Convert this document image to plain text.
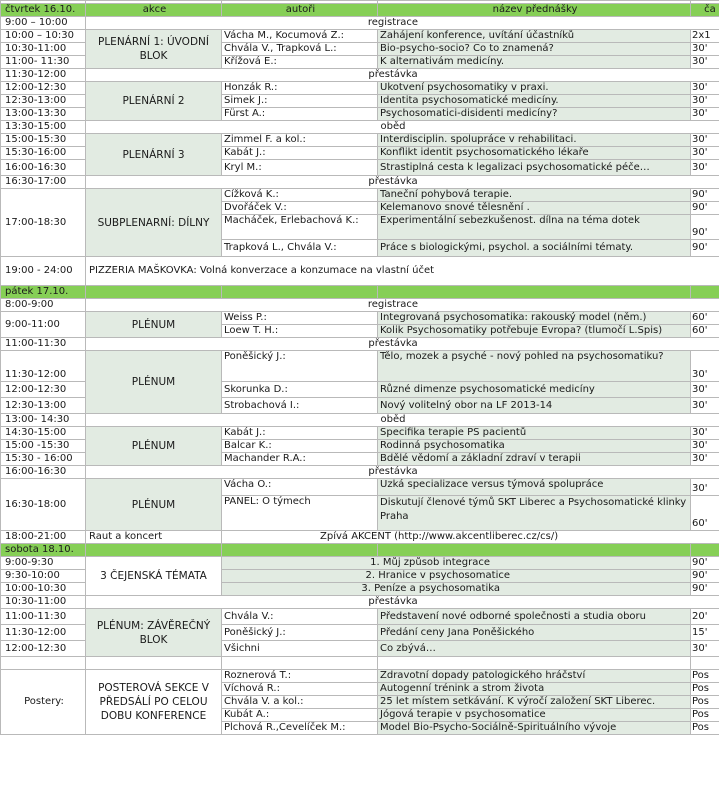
čtvrtek 16.10.	akce	autoři	název přednášky	ča
9:00 – 10:00	registrace			
10:00 – 10:30	PLENÁRNÍ 1: ÚVODNÍ BLOK	Vácha M., Kocumová Z.:	Zahájení konference, uvítání účastníků	2x1
10:30-11:00		Chvála V., Trapková L.:	Bio-psycho-socio? Co to znamená?	30'
11:00- 11:30		Křížová E.:	K alternativám medicíny.	30'
11:30-12:00	přestávka			
12:00-12:30	PLENÁRNÍ 2	Honzák R.:	Ukotvení psychosomatiky v praxi.	30'
12:30-13:00		Šimek J.:	Identita psychosomatické medicíny.	30'
13:00-13:30		Fürst A.:	Psychosomatici-disidenti medicíny?	30'
13:30-15:00	oběd			
15:00-15:30	PLENÁRNÍ 3	Zimmel F. a kol.:	Interdisciplin. spolupráce v rehabilitaci.	30'
15:30-16:00		Kabát J.:	Konflikt identit psychosomatického lékaře	30'
16:00-16:30		Kryl M.:	Strastiplná cesta k legalizaci psychosomatické péče…	30'
16:30-17:00	přestávka			
17:00-18:30	SUBPLENARNÍ: DÍLNY	Čížková K.:	Taneční pohybová terapie.	90'
		Dvořáček V.:	Kelemanovo snové tělesnění .	90'
		Macháček, Erlebachová K.:	Experimentální sebezkušenost. dílna na téma dotek	90'
		Trapková L., Chvála V.:	Práce s biologickými, psychol. a sociálními tématy.	90'
19:00 - 24:00	PIZZERIA MAŠKOVKA: Volná konverzace a konzumace na vlastní účet			
pátek 17.10.				
8:00-9:00	registrace			
9:00-11:00	PLÉNUM	Weiss P.:	Integrovaná psychosomatika: rakouský model (něm.)	60'
		Loew T. H.:	Kolik Psychosomatiky potřebuje Evropa? (tlumočí L.Špis)	60'
11:00-11:30	přestávka			
11:30-12:00	PLÉNUM	Poněšický J.:	Tělo, mozek a psyché - nový pohled na psychosomatiku?	30'
12:00-12:30		Skorunka D.:	Různé dimenze psychosomatické medicíny	30'
12:30-13:00		Strobachová I.:	Nový volitelný obor na LF 2013-14	30'
13:00- 14:30	oběd			
14:30-15:00	PLÉNUM	Kabát J.:	Specifika terapie PS pacientů	30'
15:00 -15:30		Balcar K.:	Rodinná psychosomatika	30'
15:30 - 16:00		Machander R.A.:	Bdělé vědomí a základní zdraví v terapii	30'
16:00-16:30	přestávka			
16:30-18:00	PLÉNUM	Vácha O.:	Úzká specializace versus týmová spolupráce	30'
		PANEL: O týmech	Diskutují členové týmů SKT Liberec a Psychosomatické klinky Praha	60'
18:00-21:00	Raut a koncert	Zpívá AKCENT (http://www.akcentliberec.cz/cs/)		
sobota 18.10.				
9:00-9:30	3 ČEJENSKÁ TÉMATA	1. Můj způsob integrace		90'
9:30-10:00		2. Hranice v psychosomatice		90'
10:00-10:30		3. Peníze a psychosomatika		90'
10:30-11:00	přestávka			
11:00-11:30	PLÉNUM: ZÁVĚREČNÝ BLOK	Chvála V.:	Představení nové odborné společnosti a studia oboru	20'
11:30-12:00		Poněšický J.:	Předání ceny Jana Poněšického	15'
12:00-12:30		Všichni	Co zbývá…	30'

Postery:	POSTEROVÁ SEKCE V PŘEDSÁLÍ PO CELOU DOBU KONFERENCE	Roznerová T.:	Zdravotní dopady patologického hráčství	Pos
		Víchová R.:	Autogenní trénink a strom života	Pos
		Chvála V. a kol.:	25 let místem setkávání. K výročí založení SKT Liberec.	Pos
		Kubát A.:	Jógová terapie v psychosomatice	Pos
		Plchová R.,Čevelíček M.:	Model Bio-Psycho-Sociálně-Spirituálního vývoje	Pos
